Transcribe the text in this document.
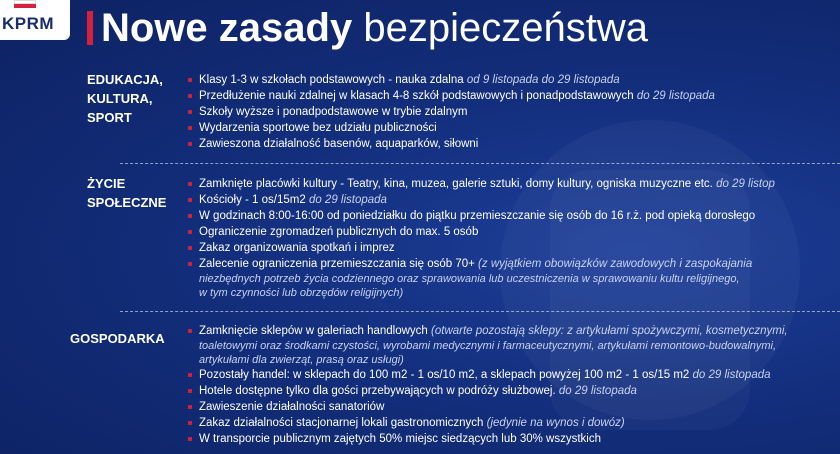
KPRM Nowe zasady bezpieczeństwa
EDUKACJA,
KULTURA,
SPORT
Klasy 1-3 w szkołach podstawowych - nauka zdalna od 9 listopada do 29 listopada
Przedłużenie nauki zdalnej w klasach 4-8 szkół podstawowych i ponadpodstawowych do 29 listopada
Szkoły wyższe i ponadpodstawowe w trybie zdalnym
Wydarzenia sportowe bez udziału publiczności
Zawieszona działalność basenów, aquaparków, siłowni
ŻYCIE
SPOŁECZNE
Zamknięte placówki kultury - Teatry, kina, muzea, galerie sztuki, domy kultury, ogniska muzyczne etc. do 29 listop
Kościoły - 1 os/15m2 do 29 listopada
W godzinach 8:00-16:00 od poniedziałku do piątku przemieszczanie się osób do 16 r.ż. pod opieką dorosłego
Ograniczenie zgromadzeń publicznych do max. 5 osób
Zakaz organizowania spotkań i imprez
Zalecenie ograniczenia przemieszczania się osób 70+ (z wyjątkiem obowiązków zawodowych i zaspokajania
niezbędnych potrzeb życia codziennego oraz sprawowania lub uczestniczenia w sprawowaniu kultu religijnego,
w tym czynności lub obrzędów religijnych)
GOSPODARKA	Zamknięcie sklepów w galeriach handlowych (otwarte pozostają sklepy: z artykułami spożywczymi, kosmetycznymi,
toaletowymi oraz środkami czystości, wyrobami medycznymi i farmaceutycznymi, artykułami remontowo-budowalnymi,
artykułami dla zwierząt, prasą oraz usługi)
Pozostały handel: w sklepach do 100 m2 - 1 os/10 m2, a sklepach powyżej 100 m2 - 1 os/15 m2 do 29 listopada
Hotele dostępne tylko dla gości przebywających w podróży służbowej. do 29 listopada
Zawieszenie działalności sanatoriów
Zakaz działalności stacjonarnej lokali gastronomicznych (jedynie na wynos i dowóz)
W transporcie publicznym zajętych 50% miejsc siedzących lub 30% wszystkich
